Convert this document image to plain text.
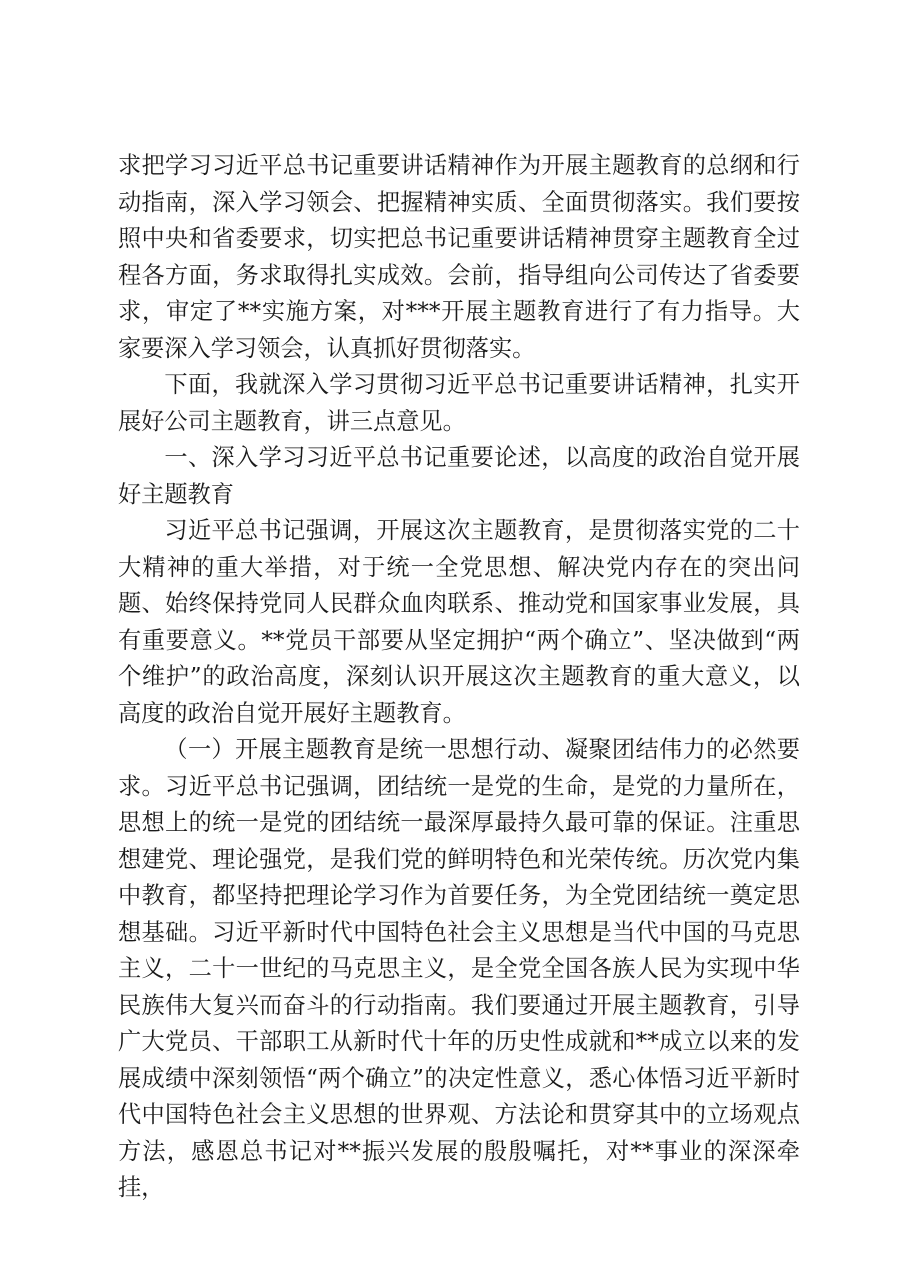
求把学习习近平总书记重要讲话精神作为开展主题教育的总纲和行动指南，深入学习领会、把握精神实质、全面贯彻落实。我们要按照中央和省委要求，切实把总书记重要讲话精神贯穿主题教育全过程各方面，务求取得扎实成效。会前，指导组向公司传达了省委要求，审定了**实施方案，对***开展主题教育进行了有力指导。大家要深入学习领会，认真抓好贯彻落实。

下面，我就深入学习贯彻习近平总书记重要讲话精神，扎实开展好公司主题教育，讲三点意见。

一、深入学习习近平总书记重要论述，以高度的政治自觉开展好主题教育

习近平总书记强调，开展这次主题教育，是贯彻落实党的二十大精神的重大举措，对于统一全党思想、解决党内存在的突出问题、始终保持党同人民群众血肉联系、推动党和国家事业发展，具有重要意义。**党员干部要从坚定拥护“两个确立”、坚决做到“两个维护”的政治高度，深刻认识开展这次主题教育的重大意义，以高度的政治自觉开展好主题教育。

（一）开展主题教育是统一思想行动、凝聚团结伟力的必然要求。习近平总书记强调，团结统一是党的生命，是党的力量所在，思想上的统一是党的团结统一最深厚最持久最可靠的保证。注重思想建党、理论强党，是我们党的鲜明特色和光荣传统。历次党内集中教育，都坚持把理论学习作为首要任务，为全党团结统一奠定思想基础。习近平新时代中国特色社会主义思想是当代中国的马克思主义，二十一世纪的马克思主义，是全党全国各族人民为实现中华民族伟大复兴而奋斗的行动指南。我们要通过开展主题教育，引导广大党员、干部职工从新时代十年的历史性成就和**成立以来的发展成绩中深刻领悟“两个确立”的决定性意义，悉心体悟习近平新时代中国特色社会主义思想的世界观、方法论和贯穿其中的立场观点方法，感恩总书记对**振兴发展的殷殷嘱托，对**事业的深深牵挂，
